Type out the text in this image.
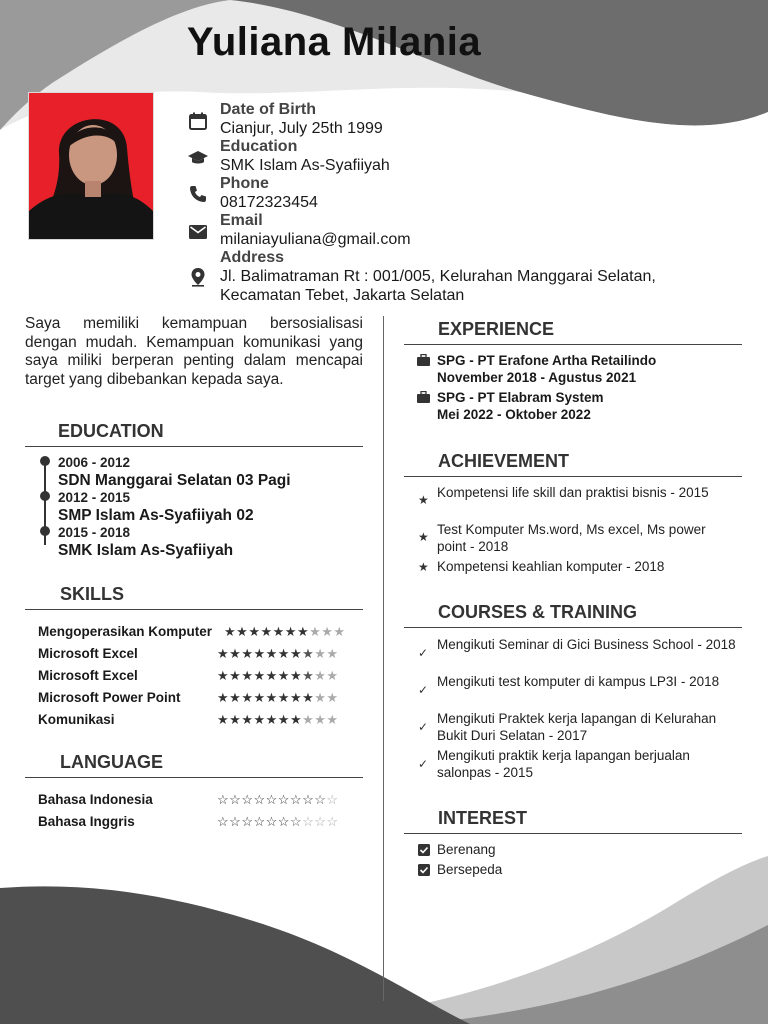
Yuliana Milania
Date of Birth
Cianjur, July 25th 1999
Education
SMK Islam As-Syafiiyah
Phone
08172323454
Email
milaniayuliana@gmail.com
Address
Jl. Balimatraman Rt : 001/005, Kelurahan Manggarai Selatan,
Kecamatan Tebet, Jakarta Selatan
Saya memiliki kemampuan bersosialisasi dengan mudah. Kemampuan komunikasi yang saya miliki berperan penting dalam mencapai target yang dibebankan kepada saya.
EDUCATION
2006 - 2012
SDN Manggarai Selatan 03 Pagi
2012 - 2015
SMP Islam As-Syafiiyah 02
2015 - 2018
SMK Islam As-Syafiiyah
SKILLS
Mengoperasikan Komputer ★★★★★★★★★★
Microsoft Excel	★★★★★★★★★★
Microsoft Excel	★★★★★★★★★★
Microsoft Power Point	★★★★★★★★★★
Komunikasi	★★★★★★★★★★
LANGUAGE
Bahasa Indonesia	☆☆☆☆☆☆☆☆☆☆
Bahasa Inggris	☆☆☆☆☆☆☆☆☆☆
EXPERIENCE
SPG - PT Erafone Artha Retailindo
November 2018 - Agustus 2021
SPG - PT Elabram System
Mei 2022 - Oktober 2022
ACHIEVEMENT
★ Kompetensi life skill dan praktisi bisnis - 2015
★ Test Komputer Ms.word, Ms excel, Ms power point - 2018
★ Kompetensi keahlian komputer - 2018
COURSES & TRAINING
✓
Mengikuti Seminar di Gici Business School - 2018
✓
Mengikuti test komputer di kampus LP3I - 2018
✓
Mengikuti Praktek kerja lapangan di Kelurahan Bukit Duri Selatan - 2017
✓
Mengikuti praktik kerja lapangan berjualan salonpas - 2015
INTEREST
Berenang
Bersepeda
